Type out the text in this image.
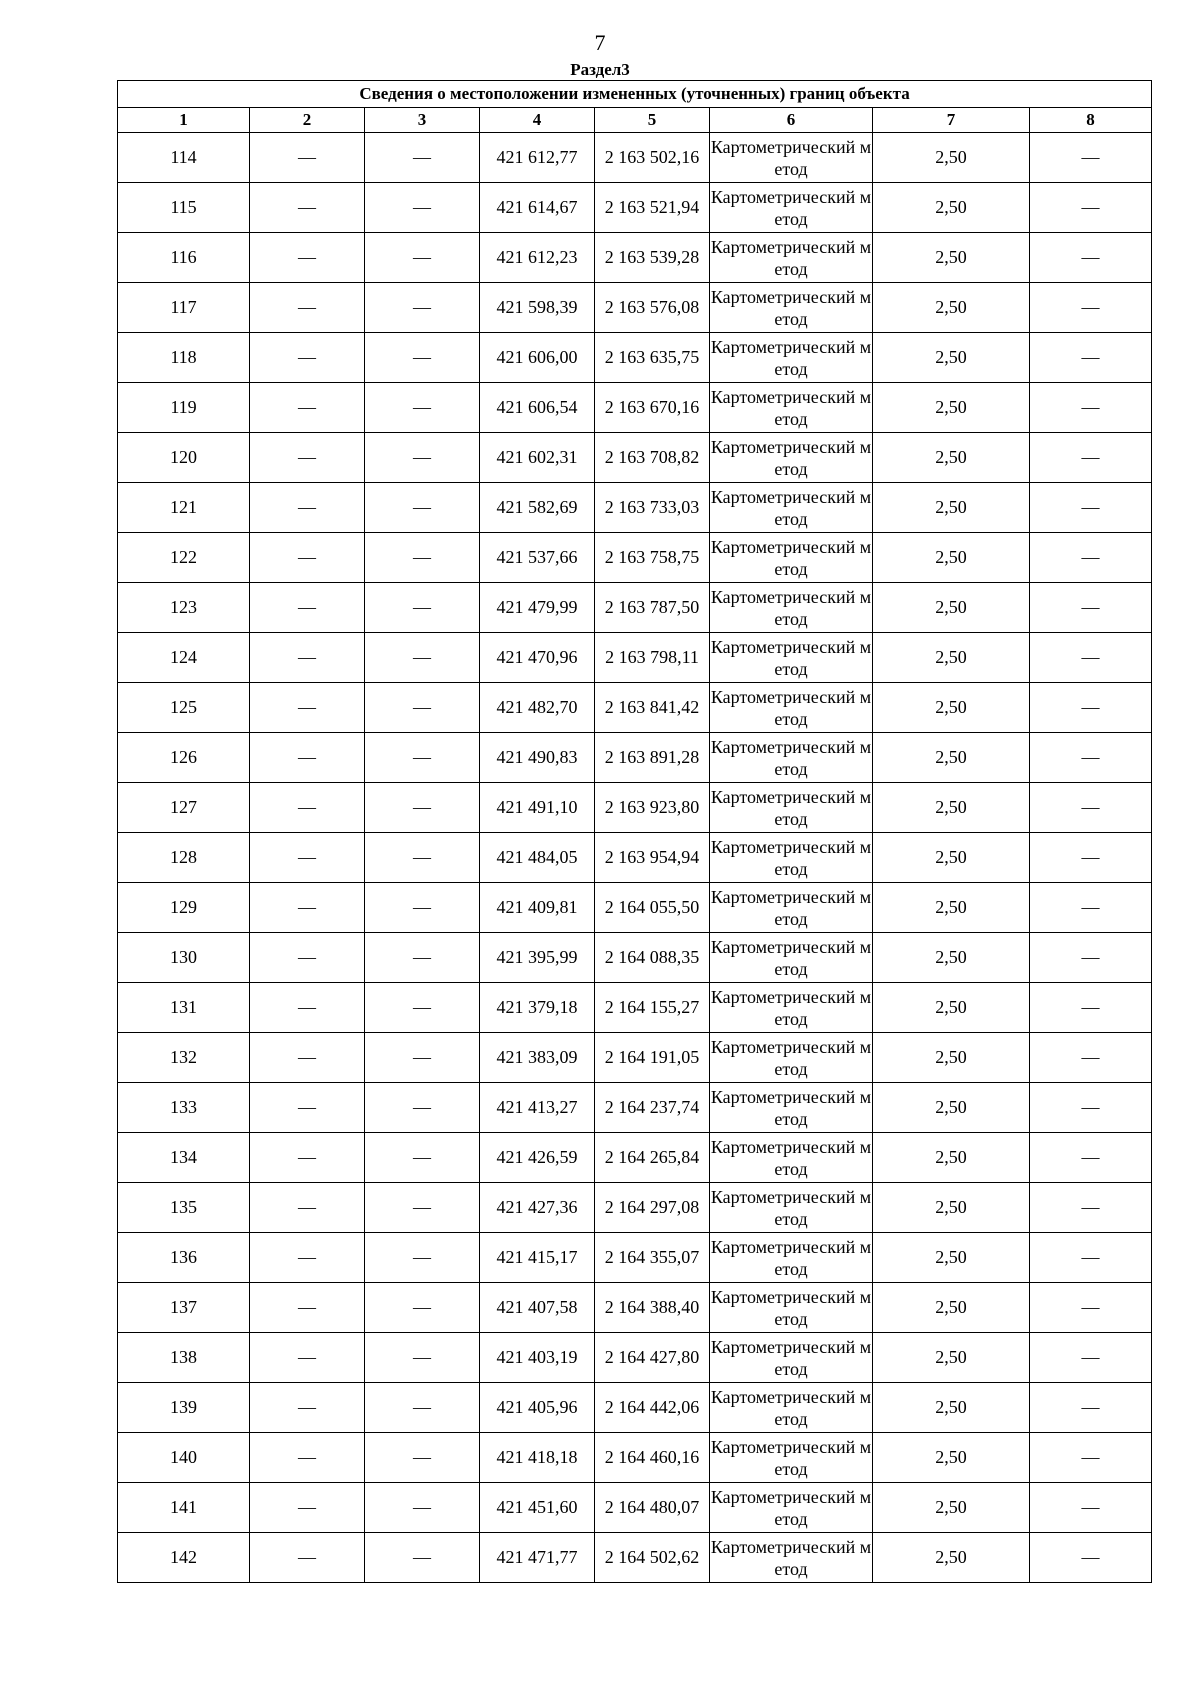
7
Раздел3
Сведения о местоположении измененных (уточненных) границ объекта							
1	2	3	4	5	6	7	8
114	—	—	421 612,77	2 163 502,16	Картометрический метод	2,50	—
115	—	—	421 614,67	2 163 521,94	Картометрический метод	2,50	—
116	—	—	421 612,23	2 163 539,28	Картометрический метод	2,50	—
117	—	—	421 598,39	2 163 576,08	Картометрический метод	2,50	—
118	—	—	421 606,00	2 163 635,75	Картометрический метод	2,50	—
119	—	—	421 606,54	2 163 670,16	Картометрический метод	2,50	—
120	—	—	421 602,31	2 163 708,82	Картометрический метод	2,50	—
121	—	—	421 582,69	2 163 733,03	Картометрический метод	2,50	—
122	—	—	421 537,66	2 163 758,75	Картометрический метод	2,50	—
123	—	—	421 479,99	2 163 787,50	Картометрический метод	2,50	—
124	—	—	421 470,96	2 163 798,11	Картометрический метод	2,50	—
125	—	—	421 482,70	2 163 841,42	Картометрический метод	2,50	—
126	—	—	421 490,83	2 163 891,28	Картометрический метод	2,50	—
127	—	—	421 491,10	2 163 923,80	Картометрический метод	2,50	—
128	—	—	421 484,05	2 163 954,94	Картометрический метод	2,50	—
129	—	—	421 409,81	2 164 055,50	Картометрический метод	2,50	—
130	—	—	421 395,99	2 164 088,35	Картометрический метод	2,50	—
131	—	—	421 379,18	2 164 155,27	Картометрический метод	2,50	—
132	—	—	421 383,09	2 164 191,05	Картометрический метод	2,50	—
133	—	—	421 413,27	2 164 237,74	Картометрический метод	2,50	—
134	—	—	421 426,59	2 164 265,84	Картометрический метод	2,50	—
135	—	—	421 427,36	2 164 297,08	Картометрический метод	2,50	—
136	—	—	421 415,17	2 164 355,07	Картометрический метод	2,50	—
137	—	—	421 407,58	2 164 388,40	Картометрический метод	2,50	—
138	—	—	421 403,19	2 164 427,80	Картометрический метод	2,50	—
139	—	—	421 405,96	2 164 442,06	Картометрический метод	2,50	—
140	—	—	421 418,18	2 164 460,16	Картометрический метод	2,50	—
141	—	—	421 451,60	2 164 480,07	Картометрический метод	2,50	—
142	—	—	421 471,77	2 164 502,62	Картометрический метод	2,50	—
